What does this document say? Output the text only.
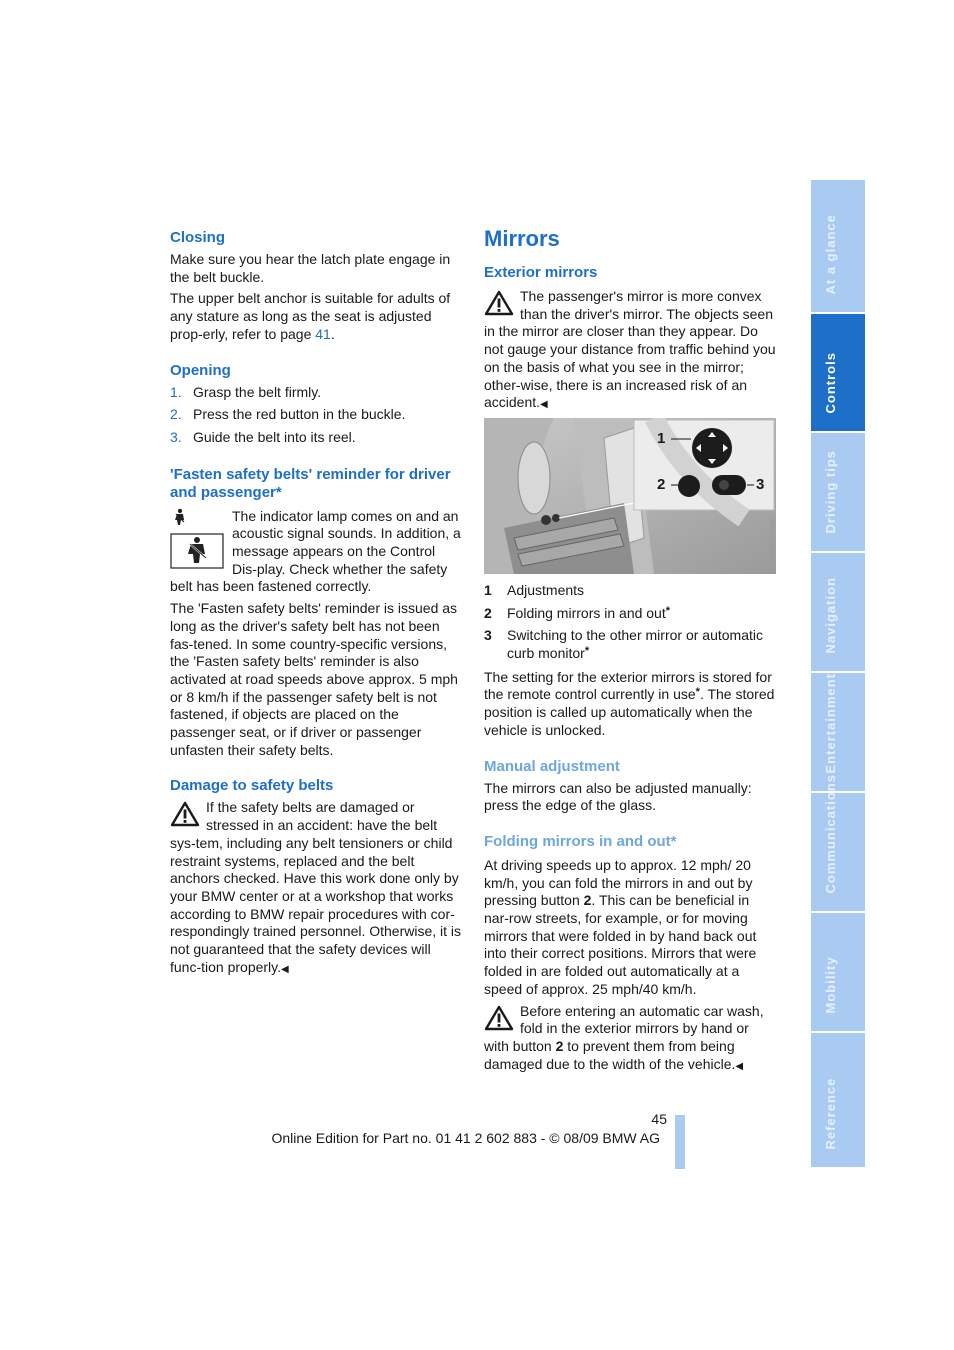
Closing

Make sure you hear the latch plate engage in the belt buckle.

The upper belt anchor is suitable for adults of any stature as long as the seat is adjusted prop-erly, refer to page 41.

Opening
1. Grasp the belt firmly.
2. Press the red button in the buckle.
3. Guide the belt into its reel.
'Fasten safety belts' reminder for driver and passenger*

The indicator lamp comes on and an acoustic signal sounds. In addition, a message appears on the Control Dis-play. Check whether the safety belt has been fastened correctly.

The 'Fasten safety belts' reminder is issued as long as the driver's safety belt has not been fas-tened. In some country-specific versions, the 'Fasten safety belts' reminder is also activated at road speeds above approx. 5 mph or 8 km/h if the passenger safety belt is not fastened, if objects are placed on the passenger seat, or if driver or passenger unfasten their safety belts.

Damage to safety belts

If the safety belts are damaged or stressed in an accident: have the belt sys-tem, including any belt tensioners or child restraint systems, replaced and the belt anchors checked. Have this work done only by your BMW center or at a workshop that works according to BMW repair procedures with cor-respondingly trained personnel. Otherwise, it is not guaranteed that the safety devices will func-tion properly.◀

Mirrors
Exterior mirrors

The passenger's mirror is more convex than the driver's mirror. The objects seen in the mirror are closer than they appear. Do not gauge your distance from traffic behind you on the basis of what you see in the mirror; other-wise, there is an increased risk of an accident.◀

1
2	3
W6CH04/44A
1	Adjustments
2	Folding mirrors in and out*
3	Switching to the other mirror or automatic curb monitor*

The setting for the exterior mirrors is stored for the remote control currently in use*. The stored position is called up automatically when the vehicle is unlocked.

Manual adjustment

The mirrors can also be adjusted manually: press the edge of the glass.

Folding mirrors in and out*

At driving speeds up to approx. 12 mph/ 20 km/h, you can fold the mirrors in and out by pressing button 2. This can be beneficial in nar-row streets, for example, or for moving mirrors that were folded in by hand back out into their correct positions. Mirrors that were folded in are folded out automatically at a speed of approx. 25 mph/40 km/h.

Before entering an automatic car wash, fold in the exterior mirrors by hand or with button 2 to prevent them from being damaged due to the width of the vehicle.◀

At a glance
Controls
Driving tips
Navigation
Entertainment
Communications
Mobility
Reference
45
Online Edition for Part no. 01 41 2 602 883 - © 08/09 BMW AG
